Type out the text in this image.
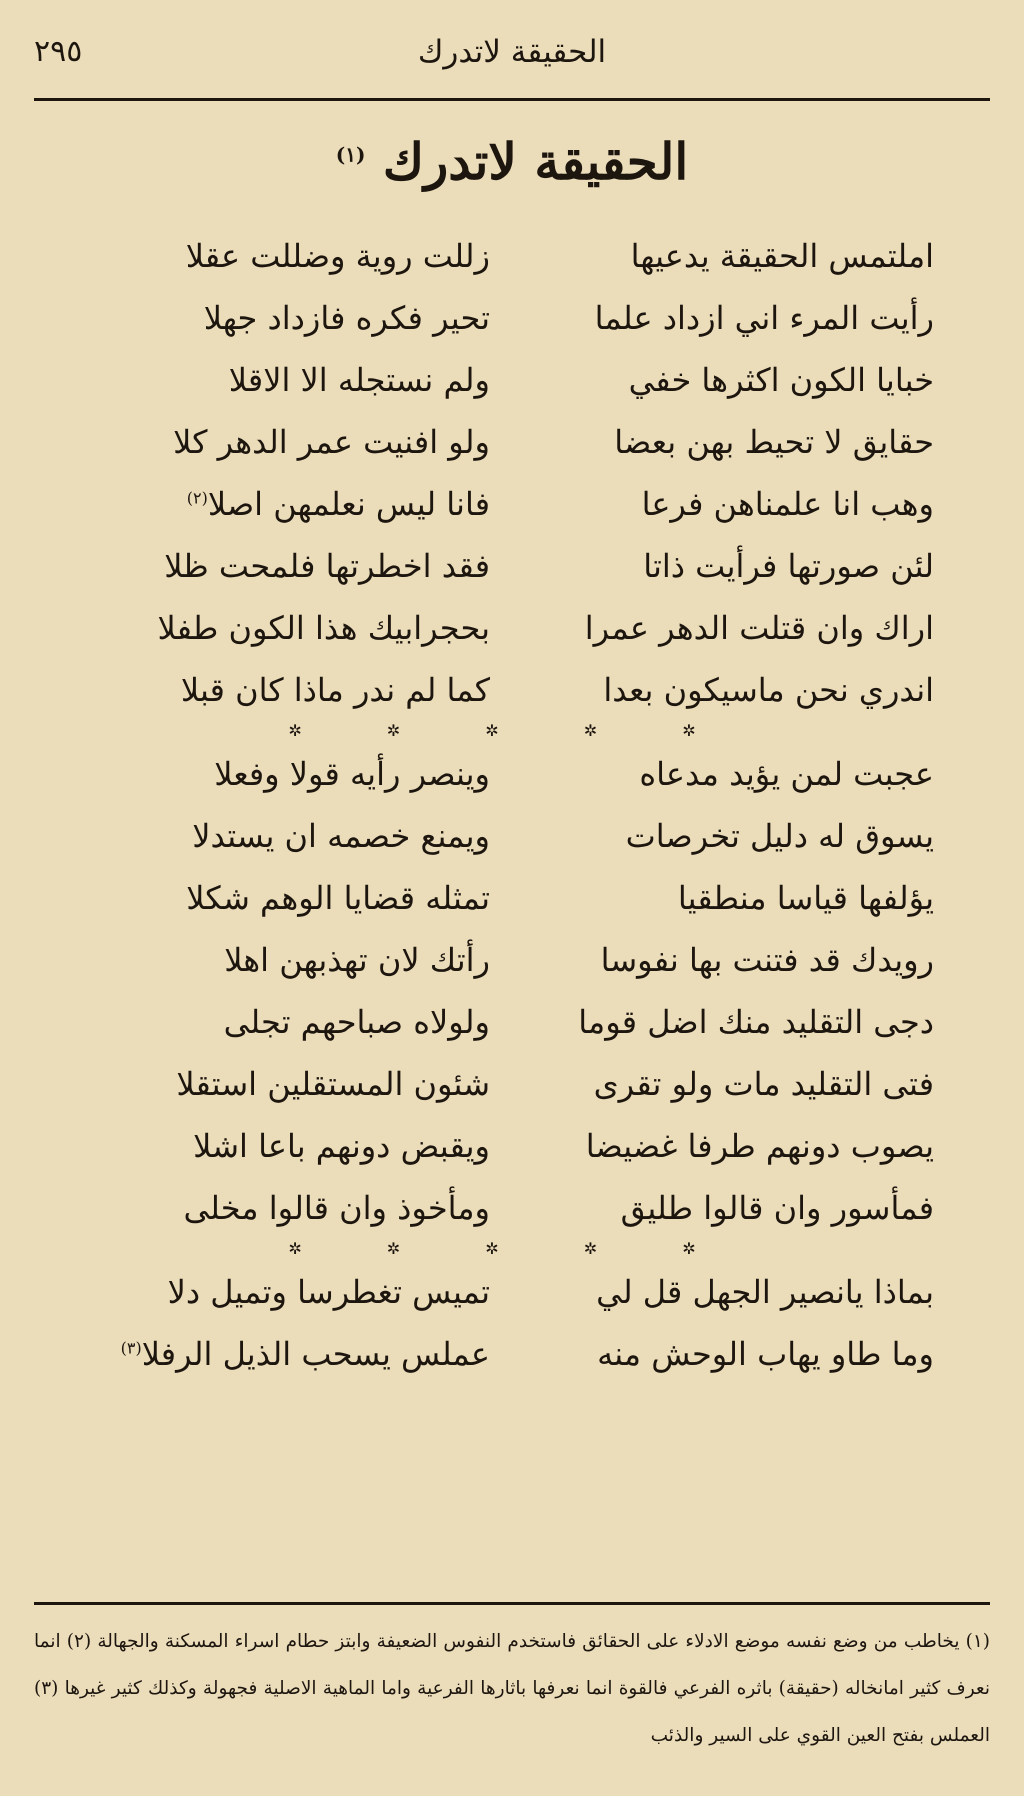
الحقيقة لاتدرك
٢٩٥
الحقيقة لاتدرك $^{(١)}$
املتمس الحقيقة يدعيها
زللت روية وضللت عقلا
رأيت المرء اني ازداد علما
تحير فكره فازداد جهلا
خبايا الكون اكثرها خفي
ولم نستجله الا الاقلا
حقايق لا تحيط بهن بعضا
ولو افنيت عمر الدهر كلا
وهب انا علمناهن فرعا
فانا ليس نعلمهن اصلا$^{(٢)}$
لئن صورتها فرأيت ذاتا
فقد اخطرتها فلمحت ظلا
اراك وان قتلت الدهر عمرا
بحجرابيك هذا الكون طفلا
اندري نحن ماسيكون بعدا
كما لم ندر ماذا كان قبلا
✲ ✲ ✲ ✲ ✲
عجبت لمن يؤيد مدعاه
وينصر رأيه قولا وفعلا
يسوق له دليل تخرصات
ويمنع خصمه ان يستدلا
يؤلفها قياسا منطقيا
تمثله قضايا الوهم شكلا
رويدك قد فتنت بها نفوسا
رأتك لان تهذبهن اهلا
دجى التقليد منك اضل قوما
ولولاه صباحهم تجلى
فتى التقليد مات ولو تقرى
شئون المستقلين استقلا
يصوب دونهم طرفا غضيضا
ويقبض دونهم باعا اشلا
فمأسور وان قالوا طليق
ومأخوذ وان قالوا مخلى
✲ ✲ ✲ ✲ ✲
بماذا يانصير الجهل قل لي
تميس تغطرسا وتميل دلا
وما طاو يهاب الوحش منه
عملس يسحب الذيل الرفلا$^{(٣)}$
(١) يخاطب من وضع نفسه موضع الادلاء على الحقائق فاستخدم النفوس الضعيفة وابتز حطام اسراء المسكنة والجهالة (٢) انما نعرف كثير امانخاله (حقيقة) باثره الفرعي فالقوة انما نعرفها باثارها الفرعية واما الماهية الاصلية فجهولة وكذلك كثير غيرها (٣) العملس بفتح العين القوي على السير والذئب
